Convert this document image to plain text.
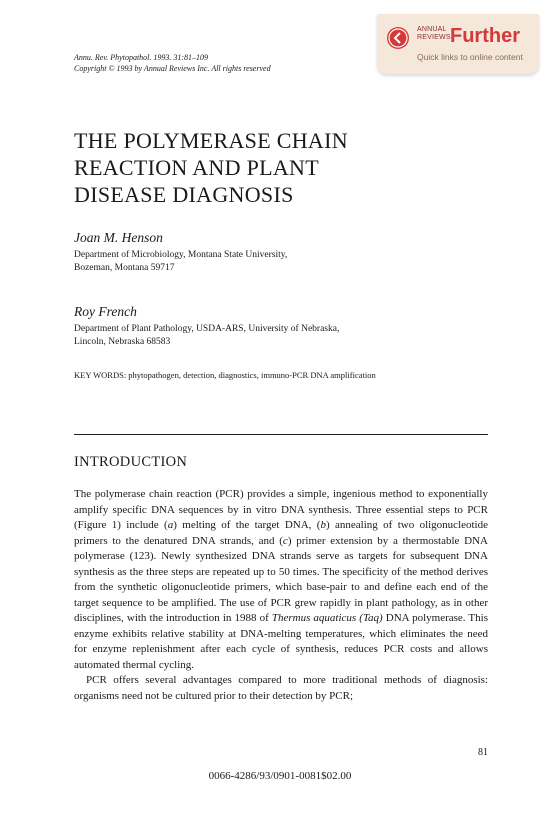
ANNUAL
REVIEWS Further
Quick links to online content
Annu. Rev. Phytopathol. 1993. 31:81–109
Copyright © 1993 by Annual Reviews Inc. All rights reserved
THE POLYMERASE CHAIN
REACTION AND PLANT
DISEASE DIAGNOSIS
Joan M. Henson
Department of Microbiology, Montana State University,
Bozeman, Montana 59717
Roy French
Department of Plant Pathology, USDA-ARS, University of Nebraska,
Lincoln, Nebraska 68583
KEY WORDS: phytopathogen, detection, diagnostics, immuno-PCR DNA amplification
INTRODUCTION

The polymerase chain reaction (PCR) provides a simple, ingenious method to exponentially amplify specific DNA sequences by in vitro DNA synthesis. Three essential steps to PCR (Figure 1) include (a) melting of the target DNA, (b) annealing of two oligonucleotide primers to the denatured DNA strands, and (c) primer extension by a thermostable DNA polymerase (123). Newly synthesized DNA strands serve as targets for subsequent DNA synthesis as the three steps are repeated up to 50 times. The specificity of the method derives from the synthetic oligonucleotide primers, which base-pair to and define each end of the target sequence to be amplified. The use of PCR grew rapidly in plant pathology, as in other disciplines, with the introduction in 1988 of Thermus aquaticus (Taq) DNA polymerase. This enzyme exhibits relative stability at DNA-melting temperatures, which eliminates the need for enzyme replenishment after each cycle of synthesis, reduces PCR costs and allows automated thermal cycling.

PCR offers several advantages compared to more traditional methods of diagnosis: organisms need not be cultured prior to their detection by PCR;

81
0066-4286/93/0901-0081$02.00
